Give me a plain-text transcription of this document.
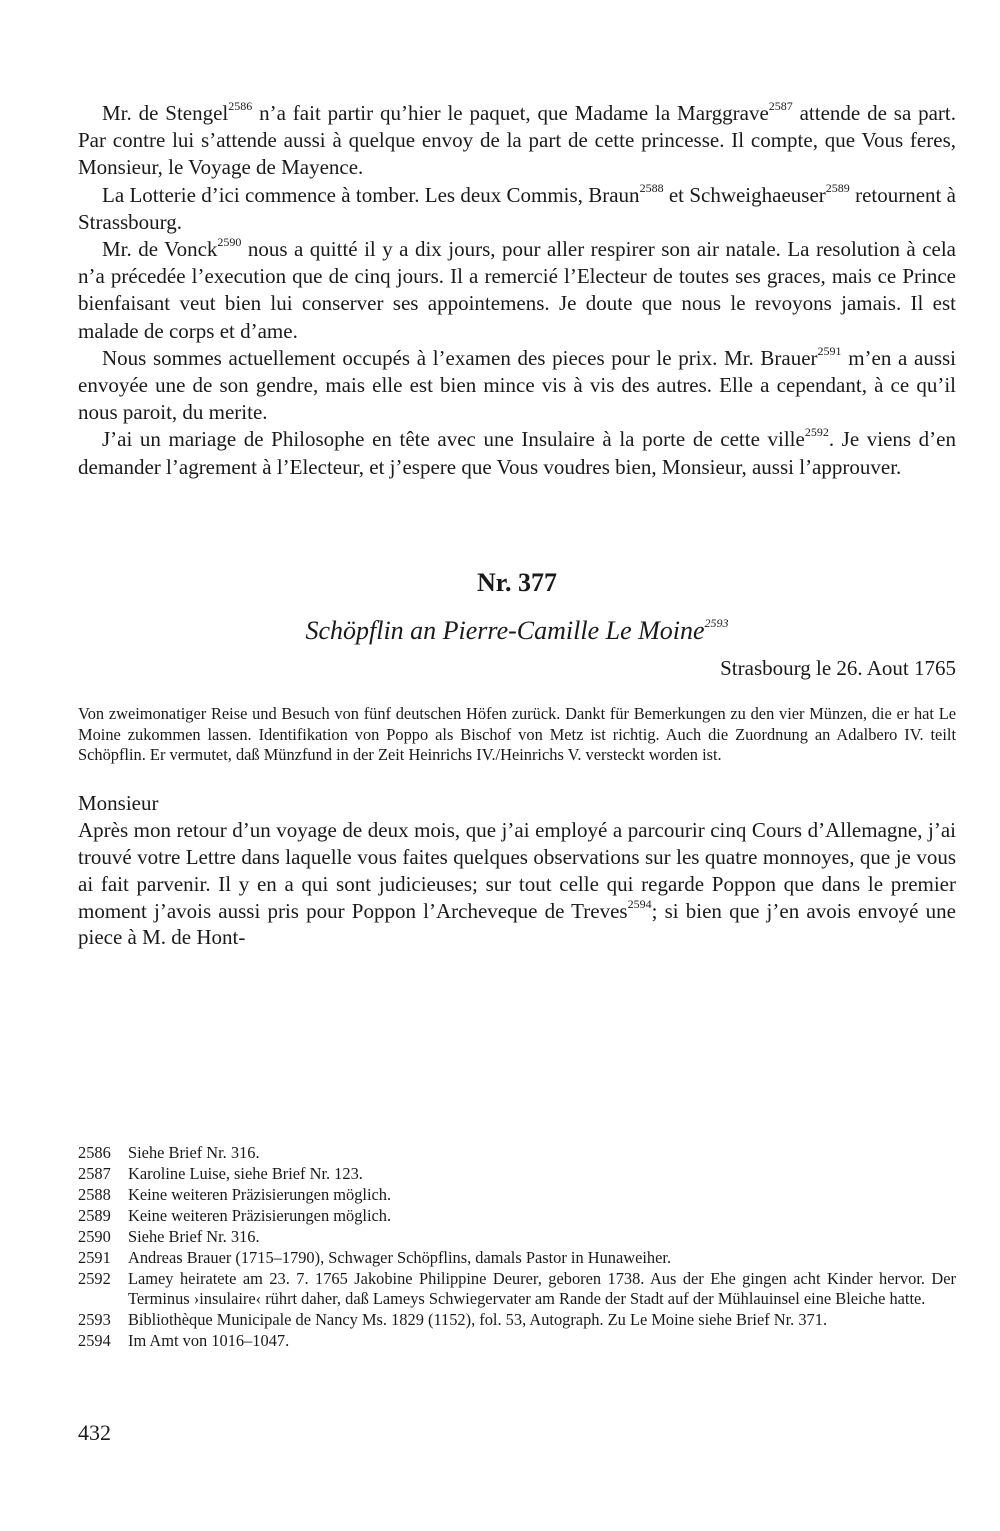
Mr. de Stengel$^{2586}$ n’a fait partir qu’hier le paquet, que Madame la Marggrave$^{2587}$ attende de sa part. Par contre lui s’attende aussi à quelque envoy de la part de cette princesse. Il compte, que Vous feres, Monsieur, le Voyage de Mayence.

La Lotterie d’ici commence à tomber. Les deux Commis, Braun$^{2588}$ et Schweighaeuser$^{2589}$ retournent à Strassbourg.

Mr. de Vonck$^{2590}$ nous a quitté il y a dix jours, pour aller respirer son air natale. La resolution à cela n’a précedée l’execution que de cinq jours. Il a remercié l’Electeur de toutes ses graces, mais ce Prince bienfaisant veut bien lui conserver ses appointemens. Je doute que nous le revoyons jamais. Il est malade de corps et d’ame.

Nous sommes actuellement occupés à l’examen des pieces pour le prix. Mr. Brauer$^{2591}$ m’en a aussi envoyée une de son gendre, mais elle est bien mince vis à vis des autres. Elle a cependant, à ce qu’il nous paroit, du merite.

J’ai un mariage de Philosophe en tête avec une Insulaire à la porte de cette ville$^{2592}$. Je viens d’en demander l’agrement à l’Electeur, et j’espere que Vous voudres bien, Monsieur, aussi l’approuver.

Nr. 377
Schöpflin an Pierre-Camille Le Moine$^{2593}$
Strasbourg le 26. Aout 1765
Von zweimonatiger Reise und Besuch von fünf deutschen Höfen zurück. Dankt für Bemerkungen zu den vier Münzen, die er hat Le Moine zukommen lassen. Identifikation von Poppo als Bischof von Metz ist richtig. Auch die Zuordnung an Adalbero IV. teilt Schöpflin. Er vermutet, daß Münzfund in der Zeit Heinrichs IV./Heinrichs V. versteckt worden ist.
Monsieur
Après mon retour d’un voyage de deux mois, que j’ai employé a parcourir cinq Cours d’Allemagne, j’ai trouvé votre Lettre dans laquelle vous faites quelques observations sur les quatre monnoyes, que je vous ai fait parvenir. Il y en a qui sont judicieuses; sur tout celle qui regarde Poppon que dans le premier moment j’avois aussi pris pour Poppon l’Archeveque de Treves$^{2594}$; si bien que j’en avois envoyé une piece à M. de Hont-
2586	Siehe Brief Nr. 316.
2587	Karoline Luise, siehe Brief Nr. 123.
2588	Keine weiteren Präzisierungen möglich.
2589	Keine weiteren Präzisierungen möglich.
2590	Siehe Brief Nr. 316.
2591	Andreas Brauer (1715–1790), Schwager Schöpflins, damals Pastor in Hunaweiher.
2592	Lamey heiratete am 23. 7. 1765 Jakobine Philippine Deurer, geboren 1738. Aus der Ehe gingen acht Kinder hervor. Der Terminus ›insulaire‹ rührt daher, daß Lameys Schwiegervater am Rande der Stadt auf der Mühlauinsel eine Bleiche hatte.
2593	Bibliothèque Municipale de Nancy Ms. 1829 (1152), fol. 53, Autograph. Zu Le Moine siehe Brief Nr. 371.
2594	Im Amt von 1016–1047.
432
